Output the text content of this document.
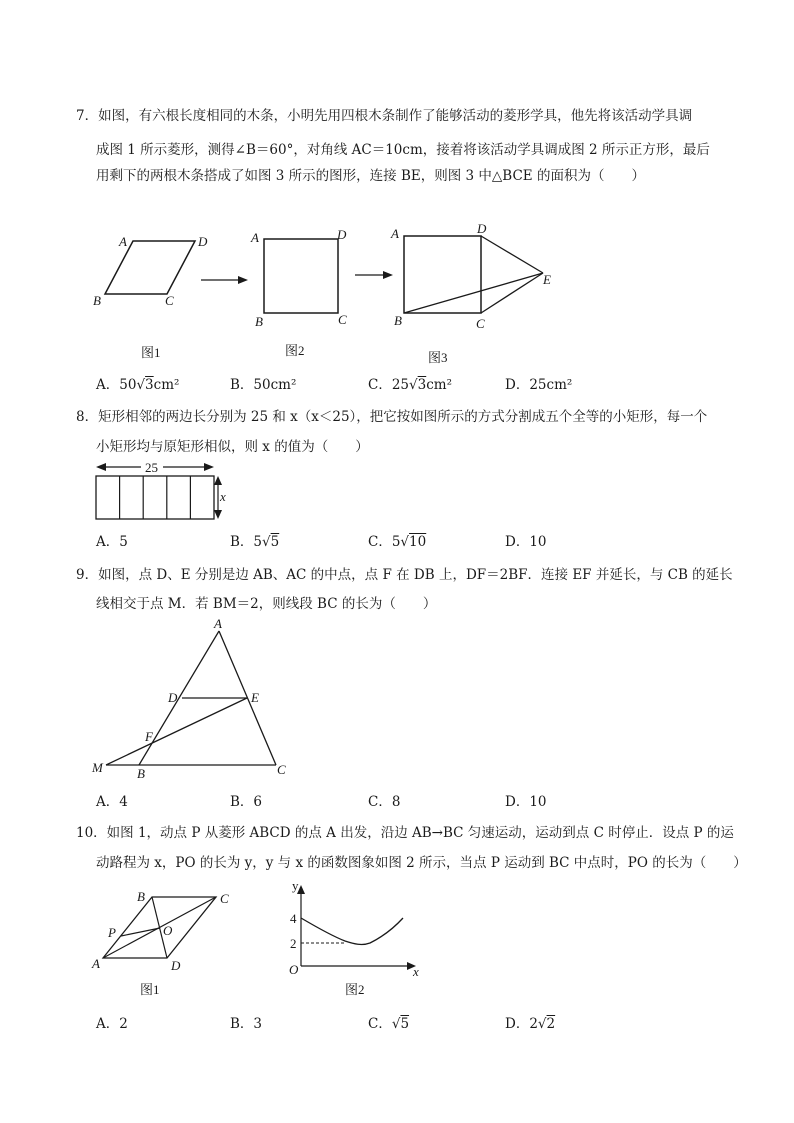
7．如图，有六根长度相同的木条，小明先用四根木条制作了能够活动的菱形学具，他先将该活动学具调
成图 1 所示菱形，测得∠B＝60°，对角线 AC＝10cm，接着将该活动学具调成图 2 所示正方形，最后
用剩下的两根木条搭成了如图 3 所示的图形，连接 BE，则图 3 中△BCE 的面积为（　　）
A	D
B	C
A	D
B	C
A	D
E
B	C
图1	图2	图3
A．50√3cm²	B．50cm²	C．25√3cm²	D．25cm²
8．矩形相邻的两边长分别为 25 和 x（x＜25），把它按如图所示的方式分割成五个全等的小矩形，每一个
小矩形均与原矩形相似，则 x 的值为（　　）
25
x
A．5	B．5√5	C．5√10	D．10
9．如图，点 D、E 分别是边 AB、AC 的中点，点 F 在 DB 上，DF＝2BF．连接 EF 并延长，与 CB 的延长
线相交于点 M．若 BM＝2，则线段 BC 的长为（　　）
A
D	E
F
M	B	C
A．4	B．6	C．8	D．10
10．如图 1，动点 P 从菱形 ABCD 的点 A 出发，沿边 AB→BC 匀速运动，运动到点 C 时停止．设点 P 的运
动路程为 x，PO 的长为 y，y 与 x 的函数图象如图 2 所示，当点 P 运动到 BC 中点时，PO 的长为（　　）
B	C
P	O
A	D
y
x
O
4
2
图1	图2
A．2	B．3	C．√5	D．2√2
